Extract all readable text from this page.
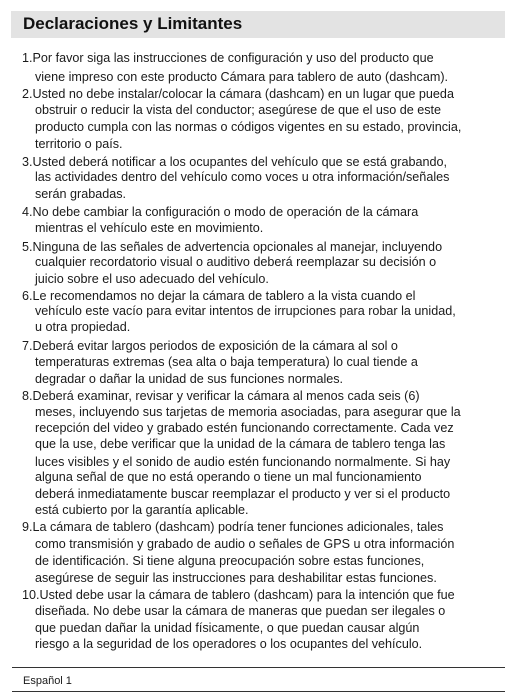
Declaraciones y Limitantes
1.Por favor siga las instrucciones de configuración y uso del producto que
viene impreso con este producto Cámara para tablero de auto (dashcam).
2.Usted no debe instalar/colocar la cámara (dashcam) en un lugar que pueda
obstruir o reducir la vista del conductor; asegúrese de que el uso de este
producto cumpla con las normas o códigos vigentes en su estado, provincia,
territorio o país.
3.Usted deberá notificar a los ocupantes del vehículo que se está grabando,
las actividades dentro del vehículo como voces u otra información/señales
serán grabadas.
4.No debe cambiar la configuración o modo de operación de la cámara
mientras el vehículo este en movimiento.
5.Ninguna de las señales de advertencia opcionales al manejar, incluyendo
cualquier recordatorio visual o auditivo deberá reemplazar su decisión o
juicio sobre el uso adecuado del vehículo.
6.Le recomendamos no dejar la cámara de tablero a la vista cuando el
vehículo este vacío para evitar intentos de irrupciones para robar la unidad,
u otra propiedad.
7.Deberá evitar largos periodos de exposición de la cámara al sol o
temperaturas extremas (sea alta o baja temperatura) lo cual tiende a
degradar o dañar la unidad de sus funciones normales.
8.Deberá examinar, revisar y verificar la cámara al menos cada seis (6)
meses, incluyendo sus tarjetas de memoria asociadas, para asegurar que la
recepción del video y grabado estén funcionando correctamente. Cada vez
que la use, debe verificar que la unidad de la cámara de tablero tenga las
luces visibles y el sonido de audio estén funcionando normalmente. Si hay
alguna señal de que no está operando o tiene un mal funcionamiento
deberá inmediatamente buscar reemplazar el producto y ver si el producto
está cubierto por la garantía aplicable.
9.La cámara de tablero (dashcam) podría tener funciones adicionales, tales
como transmisión y grabado de audio o señales de GPS u otra información
de identificación. Si tiene alguna preocupación sobre estas funciones,
asegúrese de seguir las instrucciones para deshabilitar estas funciones.
10.Usted debe usar la cámara de tablero (dashcam) para la intención que fue
diseñada. No debe usar la cámara de maneras que puedan ser ilegales o
que puedan dañar la unidad físicamente, o que puedan causar algún
riesgo a la seguridad de los operadores o los ocupantes del vehículo.
Español 1
